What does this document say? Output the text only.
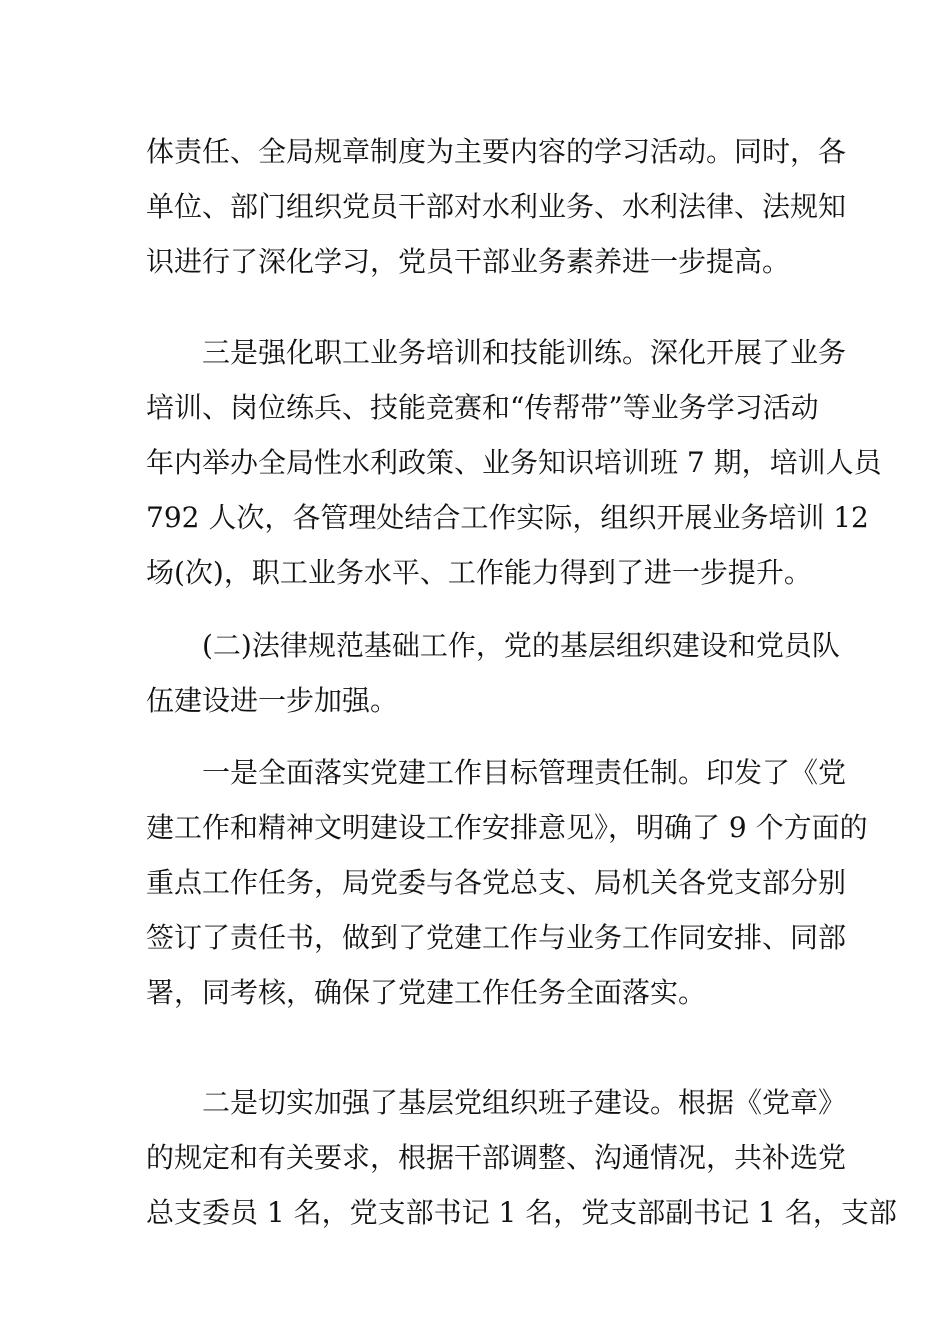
体责任、全局规章制度为主要内容的学习活动。同时，各
单位、部门组织党员干部对水利业务、水利法律、法规知
识进行了深化学习，党员干部业务素养进一步提高。
三是强化职工业务培训和技能训练。深化开展了业务
培训、岗位练兵、技能竞赛和“传帮带”等业务学习活动
年内举办全局性水利政策、业务知识培训班 7 期，培训人员
792 人次，各管理处结合工作实际，组织开展业务培训 12
场(次)，职工业务水平、工作能力得到了进一步提升。
(二)法律规范基础工作，党的基层组织建设和党员队
伍建设进一步加强。
一是全面落实党建工作目标管理责任制。印发了《党
建工作和精神文明建设工作安排意见》，明确了 9 个方面的
重点工作任务，局党委与各党总支、局机关各党支部分别
签订了责任书，做到了党建工作与业务工作同安排、同部
署，同考核，确保了党建工作任务全面落实。
二是切实加强了基层党组织班子建设。根据《党章》
的规定和有关要求，根据干部调整、沟通情况，共补选党
总支委员 1 名，党支部书记 1 名，党支部副书记 1 名，支部
